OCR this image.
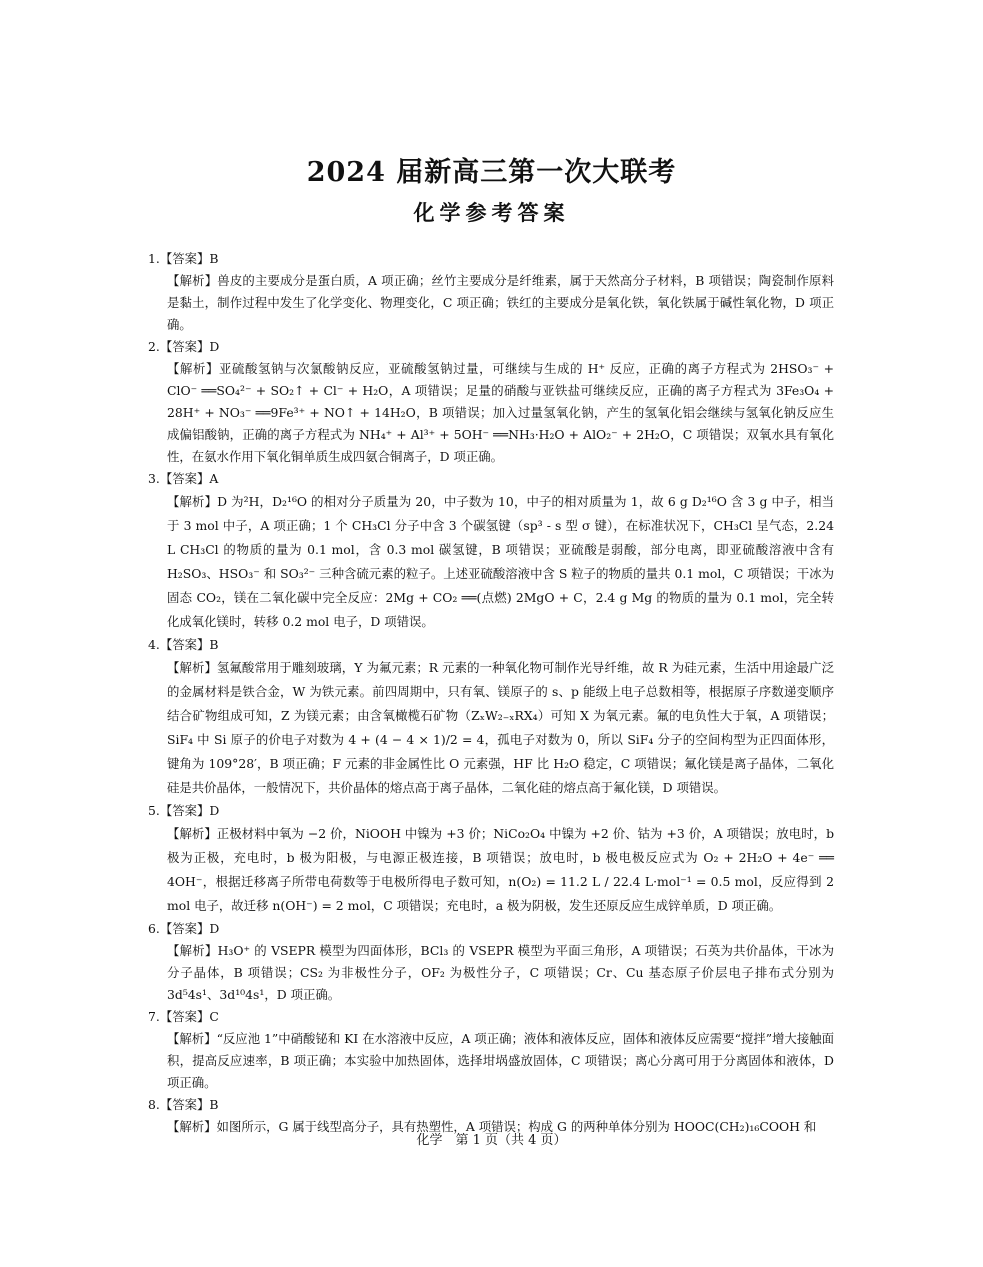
2024 届新高三第一次大联考
化学参考答案

1.【答案】B

【解析】兽皮的主要成分是蛋白质，A 项正确；丝竹主要成分是纤维素，属于天然高分子材料，B 项错误；陶瓷制作原料是黏土，制作过程中发生了化学变化、物理变化，C 项正确；铁红的主要成分是氧化铁，氧化铁属于碱性氧化物，D 项正确。

2.【答案】D

【解析】亚硫酸氢钠与次氯酸钠反应，亚硫酸氢钠过量，可继续与生成的 H⁺ 反应，正确的离子方程式为 2HSO₃⁻ + ClO⁻ ══SO₄²⁻ + SO₂↑ + Cl⁻ + H₂O，A 项错误；足量的硝酸与亚铁盐可继续反应，正确的离子方程式为 3Fe₃O₄ + 28H⁺ + NO₃⁻ ══9Fe³⁺ + NO↑ + 14H₂O，B 项错误；加入过量氢氧化钠，产生的氢氧化铝会继续与氢氧化钠反应生成偏铝酸钠，正确的离子方程式为 NH₄⁺ + Al³⁺ + 5OH⁻ ══NH₃·H₂O + AlO₂⁻ + 2H₂O，C 项错误；双氧水具有氧化性，在氨水作用下氧化铜单质生成四氨合铜离子，D 项正确。

3.【答案】A

【解析】D 为²H，D₂¹⁶O 的相对分子质量为 20，中子数为 10，中子的相对质量为 1，故 6 g D₂¹⁶O 含 3 g 中子，相当于 3 mol 中子，A 项正确；1 个 CH₃Cl 分子中含 3 个碳氢键（sp³ - s 型 σ 键），在标准状况下，CH₃Cl 呈气态，2.24 L CH₃Cl 的物质的量为 0.1 mol，含 0.3 mol 碳氢键，B 项错误；亚硫酸是弱酸，部分电离，即亚硫酸溶液中含有 H₂SO₃、HSO₃⁻ 和 SO₃²⁻ 三种含硫元素的粒子。上述亚硫酸溶液中含 S 粒子的物质的量共 0.1 mol，C 项错误；干冰为固态 CO₂，镁在二氧化碳中完全反应：2Mg + CO₂ ══(点燃) 2MgO + C，2.4 g Mg 的物质的量为 0.1 mol，完全转化成氧化镁时，转移 0.2 mol 电子，D 项错误。

4.【答案】B

【解析】氢氟酸常用于雕刻玻璃，Y 为氟元素；R 元素的一种氧化物可制作光导纤维，故 R 为硅元素，生活中用途最广泛的金属材料是铁合金，W 为铁元素。前四周期中，只有氧、镁原子的 s、p 能级上电子总数相等，根据原子序数递变顺序结合矿物组成可知，Z 为镁元素；由含氧橄榄石矿物（ZₓW₂₋ₓRX₄）可知 X 为氧元素。氟的电负性大于氧，A 项错误；SiF₄ 中 Si 原子的价电子对数为 4 + (4 − 4 × 1)/2 = 4，孤电子对数为 0，所以 SiF₄ 分子的空间构型为正四面体形，键角为 109°28′，B 项正确；F 元素的非金属性比 O 元素强，HF 比 H₂O 稳定，C 项错误；氟化镁是离子晶体，二氧化硅是共价晶体，一般情况下，共价晶体的熔点高于离子晶体，二氧化硅的熔点高于氟化镁，D 项错误。

5.【答案】D

【解析】正极材料中氧为 −2 价，NiOOH 中镍为 +3 价；NiCo₂O₄ 中镍为 +2 价、钴为 +3 价，A 项错误；放电时，b 极为正极，充电时，b 极为阳极，与电源正极连接，B 项错误；放电时，b 极电极反应式为 O₂ + 2H₂O + 4e⁻ ══ 4OH⁻，根据迁移离子所带电荷数等于电极所得电子数可知，n(O₂) = 11.2 L / 22.4 L·mol⁻¹ = 0.5 mol，反应得到 2 mol 电子，故迁移 n(OH⁻) = 2 mol，C 项错误；充电时，a 极为阴极，发生还原反应生成锌单质，D 项正确。

6.【答案】D

【解析】H₃O⁺ 的 VSEPR 模型为四面体形，BCl₃ 的 VSEPR 模型为平面三角形，A 项错误；石英为共价晶体，干冰为分子晶体，B 项错误；CS₂ 为非极性分子，OF₂ 为极性分子，C 项错误；Cr、Cu 基态原子价层电子排布式分别为 3d⁵4s¹、3d¹⁰4s¹，D 项正确。

7.【答案】C

【解析】“反应池 1”中硝酸铋和 KI 在水溶液中反应，A 项正确；液体和液体反应，固体和液体反应需要“搅拌”增大接触面积，提高反应速率，B 项正确；本实验中加热固体，选择坩埚盛放固体，C 项错误；离心分离可用于分离固体和液体，D 项正确。

8.【答案】B

【解析】如图所示，G 属于线型高分子，具有热塑性，A 项错误；构成 G 的两种单体分别为 HOOC(CH₂)₁₆COOH 和

化学　第 1 页（共 4 页）
